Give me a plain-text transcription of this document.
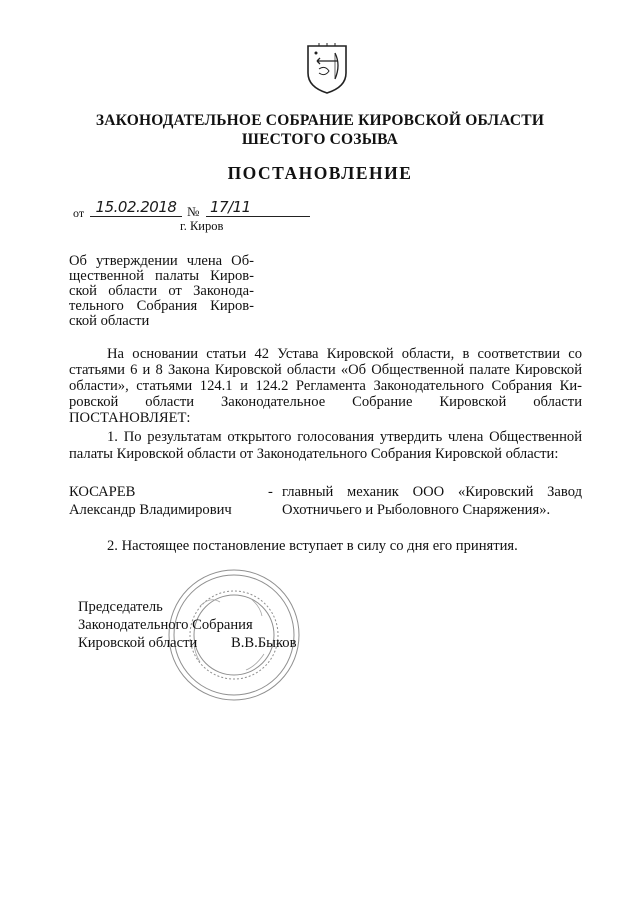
ЗАКОНОДАТЕЛЬНОЕ СОБРАНИЕ КИРОВСКОЙ ОБЛАСТИ
ШЕСТОГО СОЗЫВА
ПОСТАНОВЛЕНИЕ
от 15.02.2018 № 17/11
г. Киров
Об утверждении члена Об-
щественной палаты Киров-
ской области от Законода-
тельного Собрания Киров-
ской области
На основании статьи 42 Устава Кировской области, в соответствии со
статьями 6 и 8 Закона Кировской области «Об Общественной палате Кировской
области», статьями 124.1 и 124.2 Регламента Законодательного Собрания Ки-
ровской области Законодательное Собрание Кировской области
ПОСТАНОВЛЯЕТ:
1. По результатам открытого голосования утвердить члена Общественной
палаты Кировской области от Законодательного Собрания Кировской области:
КОСАРЕВ
Александр Владимирович
- главный механик ООО «Кировский Завод
Охотничьего и Рыболовного Снаряжения».
2. Настоящее постановление вступает в силу со дня его принятия.
Председатель
Законодательного Собрания
Кировской области В.В.Быков
